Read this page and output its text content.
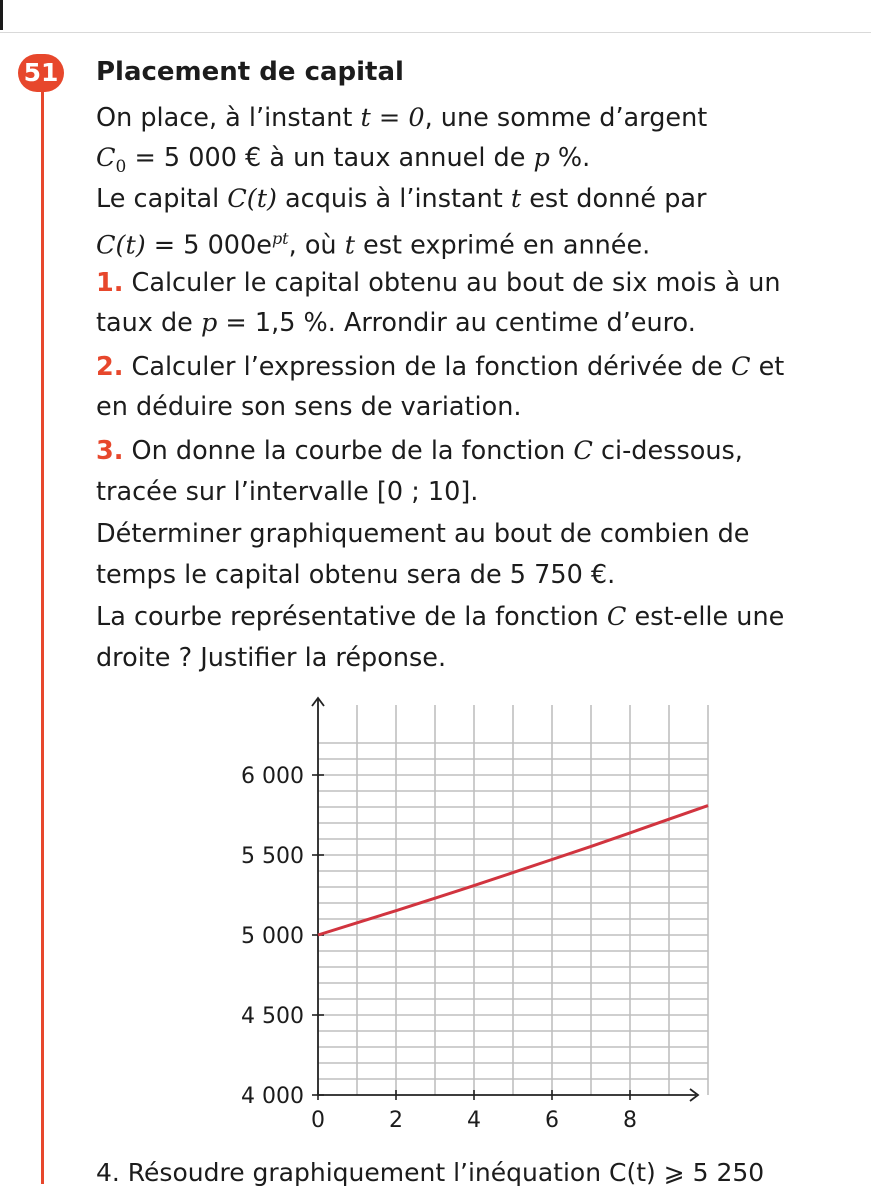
51 Placement de capital
On place, à l’instant t = 0, une somme d’argent
$C_0 = 5$ 000 € à un taux annuel de p %.
Le capital C(t) acquis à l’instant t est donné par
C(t) = 5 $000e^{pt}$, où t est exprimé en année.
1. Calculer le capital obtenu au bout de six mois à un
taux de p = 1,5 %. Arrondir au centime d’euro.
2. Calculer l’expression de la fonction dérivée de C et
en déduire son sens de variation.
3. On donne la courbe de la fonction C ci-dessous,
tracée sur l’intervalle [0 ; 10].
Déterminer graphiquement au bout de combien de
temps le capital obtenu sera de 5 750 €.
La courbe représentative de la fonction C est-elle une
droite ? Justifier la réponse.
0	2	4	6	8
4 000
4 500
5 000
5 500
6 000
4. Résoudre graphiquement l’inéquation C(t) ⩾ 5 250
